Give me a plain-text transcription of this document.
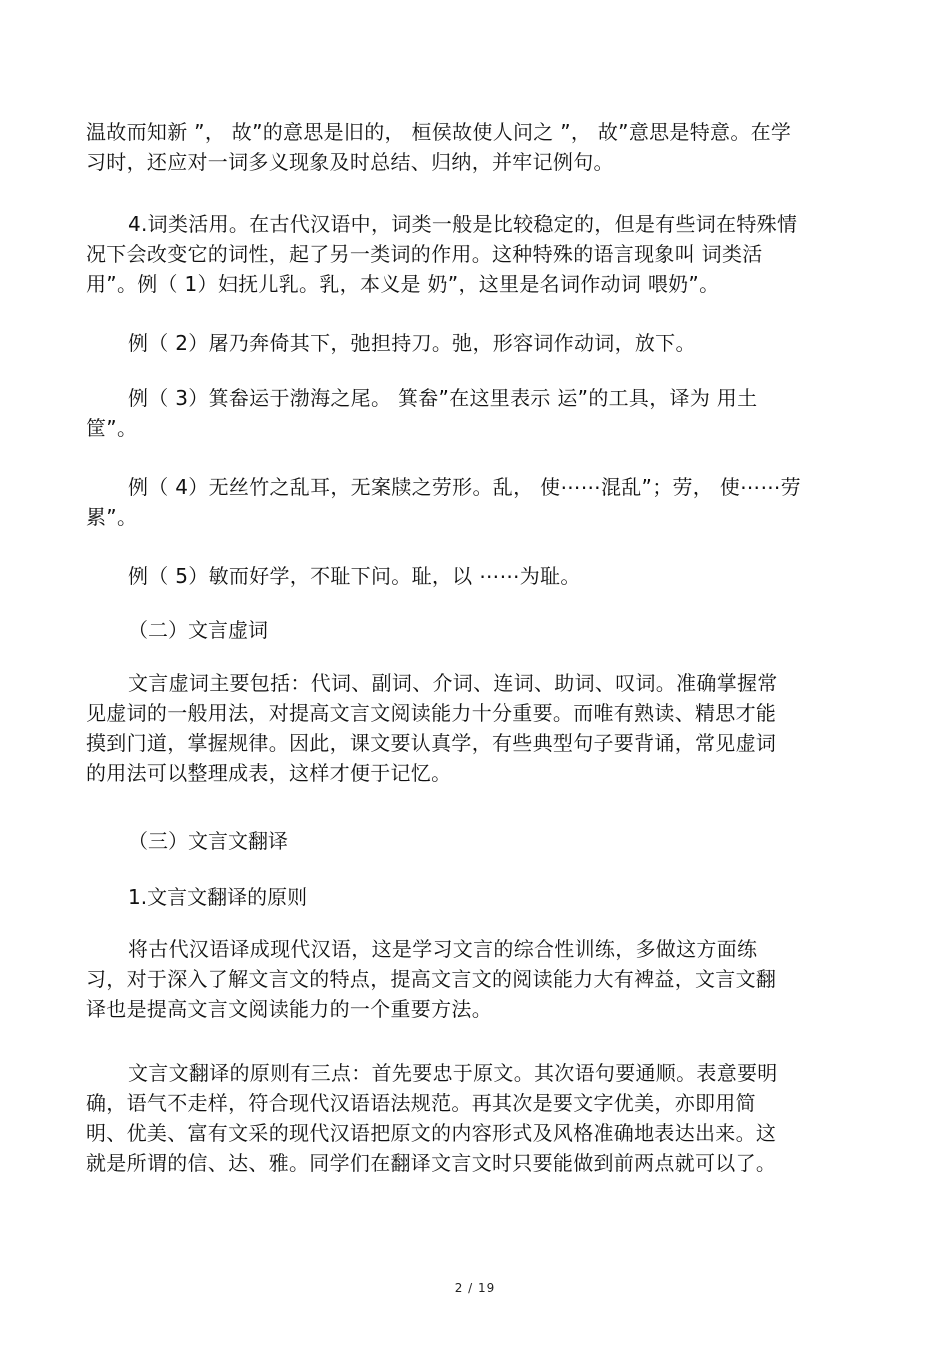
温故而知新 ”， 故”的意思是旧的， 桓侯故使人问之 ”， 故”意思是特意。在学
习时，还应对一词多义现象及时总结、归纳，并牢记例句。

4.词类活用。在古代汉语中，词类一般是比较稳定的，但是有些词在特殊情
况下会改变它的词性，起了另一类词的作用。这种特殊的语言现象叫 词类活
用”。例（ 1）妇抚儿乳。乳，本义是 奶”，这里是名词作动词 喂奶”。

例（ 2）屠乃奔倚其下，弛担持刀。弛，形容词作动词，放下。

例（ 3）箕畚运于渤海之尾。 箕畚”在这里表示 运”的工具，译为 用土
筐”。

例（ 4）无丝竹之乱耳，无案牍之劳形。乱， 使⋯⋯混乱”；劳， 使⋯⋯劳
累”。

例（ 5）敏而好学，不耻下问。耻，以 ⋯⋯为耻。

（二）文言虚词

文言虚词主要包括：代词、副词、介词、连词、助词、叹词。准确掌握常
见虚词的一般用法，对提高文言文阅读能力十分重要。而唯有熟读、精思才能
摸到门道，掌握规律。因此，课文要认真学，有些典型句子要背诵，常见虚词
的用法可以整理成表，这样才便于记忆。

（三）文言文翻译

1.文言文翻译的原则

将古代汉语译成现代汉语，这是学习文言的综合性训练，多做这方面练
习，对于深入了解文言文的特点，提高文言文的阅读能力大有裨益，文言文翻
译也是提高文言文阅读能力的一个重要方法。

文言文翻译的原则有三点：首先要忠于原文。其次语句要通顺。表意要明
确，语气不走样，符合现代汉语语法规范。再其次是要文字优美，亦即用简
明、优美、富有文采的现代汉语把原文的内容形式及风格准确地表达出来。这
就是所谓的信、达、雅。同学们在翻译文言文时只要能做到前两点就可以了。

2 / 19
